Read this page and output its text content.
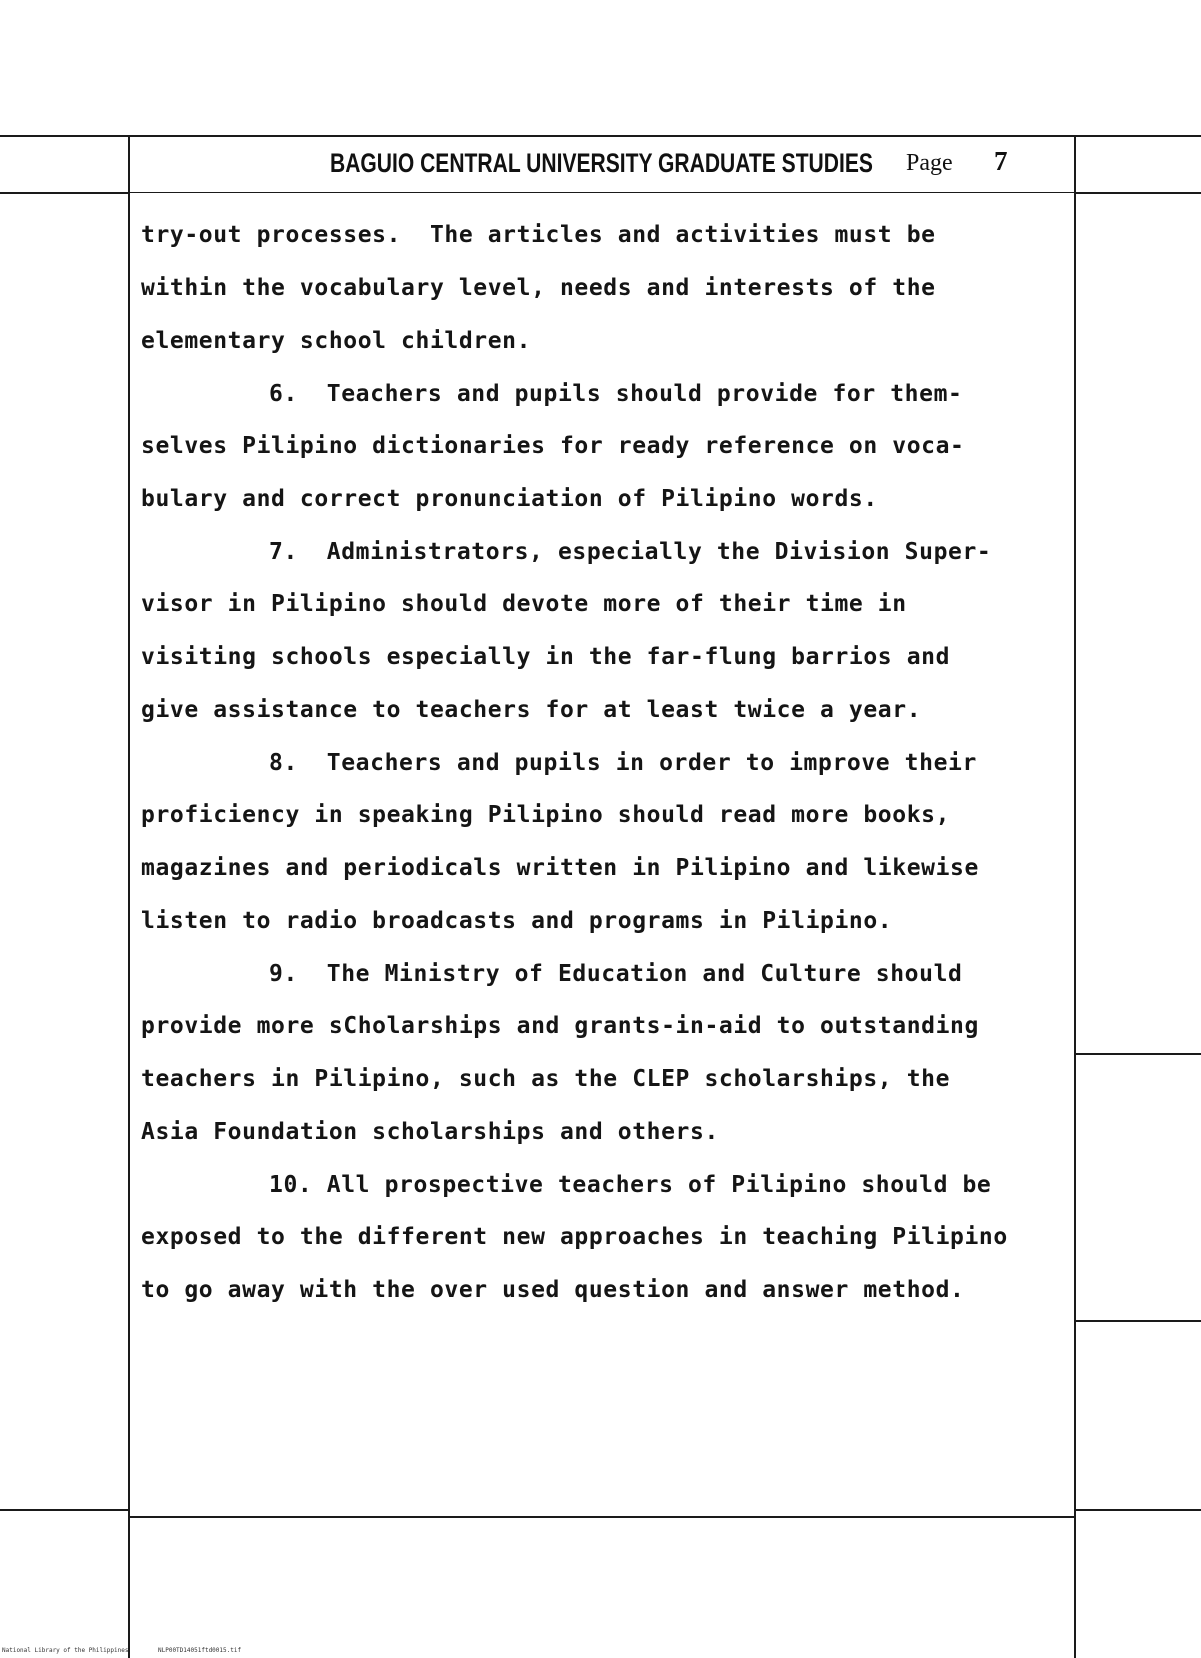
BAGUIO CENTRAL UNIVERSITY GRADUATE STUDIES Page 7
try-out processes.  The articles and activities must be
within the vocabulary level, needs and interests of the
elementary school children.
6.  Teachers and pupils should provide for them-
selves Pilipino dictionaries for ready reference on voca-
bulary and correct pronunciation of Pilipino words.
7.  Administrators, especially the Division Super-
visor in Pilipino should devote more of their time in
visiting schools especially in the far-flung barrios and
give assistance to teachers for at least twice a year.
8.  Teachers and pupils in order to improve their
proficiency in speaking Pilipino should read more books,
magazines and periodicals written in Pilipino and likewise
listen to radio broadcasts and programs in Pilipino.
9.  The Ministry of Education and Culture should
provide more sCholarships and grants-in-aid to outstanding
teachers in Pilipino, such as the CLEP scholarships, the
Asia Foundation scholarships and others.
10. All prospective teachers of Pilipino should be
exposed to the different new approaches in teaching Pilipino
to go away with the over used question and answer method.
National Library of the Philippines	NLP00TD14051ftd0015.tif
